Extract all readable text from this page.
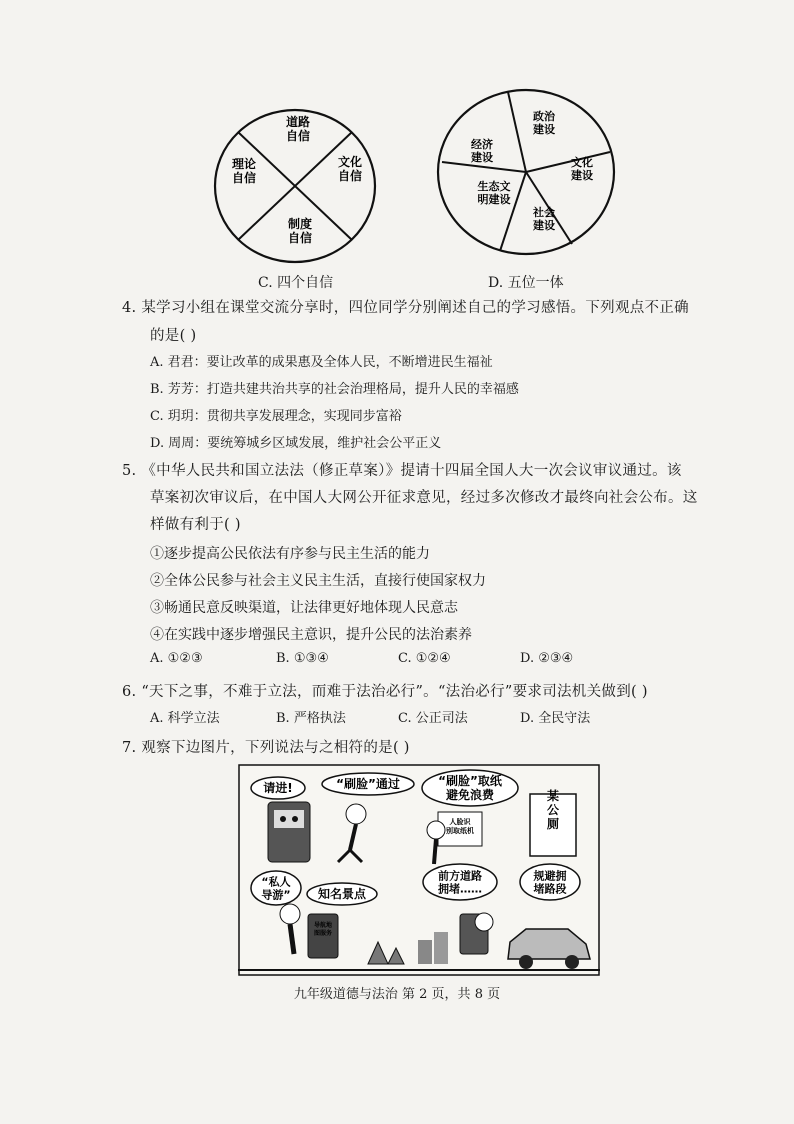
道路自信
文化自信
制度自信
理论自信
C. 四个自信
政治建设
文化建设
社会建设
生态文明建设
经济建设
D. 五位一体
4. 某学习小组在课堂交流分享时，四位同学分别阐述自己的学习感悟。下列观点不正确
的是( )
A. 君君：要让改革的成果惠及全体人民，不断增进民生福祉
B. 芳芳：打造共建共治共享的社会治理格局，提升人民的幸福感
C. 玥玥：贯彻共享发展理念，实现同步富裕
D. 周周：要统筹城乡区域发展，维护社会公平正义
5. 《中华人民共和国立法法（修正草案）》提请十四届全国人大一次会议审议通过。该
草案初次审议后，在中国人大网公开征求意见，经过多次修改才最终向社会公布。这
样做有利于( )
①逐步提高公民依法有序参与民主生活的能力
②全体公民参与社会主义民主生活，直接行使国家权力
③畅通民意反映渠道，让法律更好地体现人民意志
④在实践中逐步增强民主意识，提升公民的法治素养
A. ①②③	B. ①③④	C. ①②④	D. ②③④
6. “天下之事，不难于立法，而难于法治必行”。“法治必行”要求司法机关做到( )
A. 科学立法	B. 严格执法	C. 公正司法	D. 全民守法
7. 观察下边图片，下列说法与之相符的是( )
请进!	“刷脸”通过	“刷脸”取纸避免浪费	某公厕
人脸识别取纸机
“私人导游” 知名景点
前方道路拥堵……
规避拥堵路段
导航地图服务
九年级道德与法治 第 2 页，共 8 页
